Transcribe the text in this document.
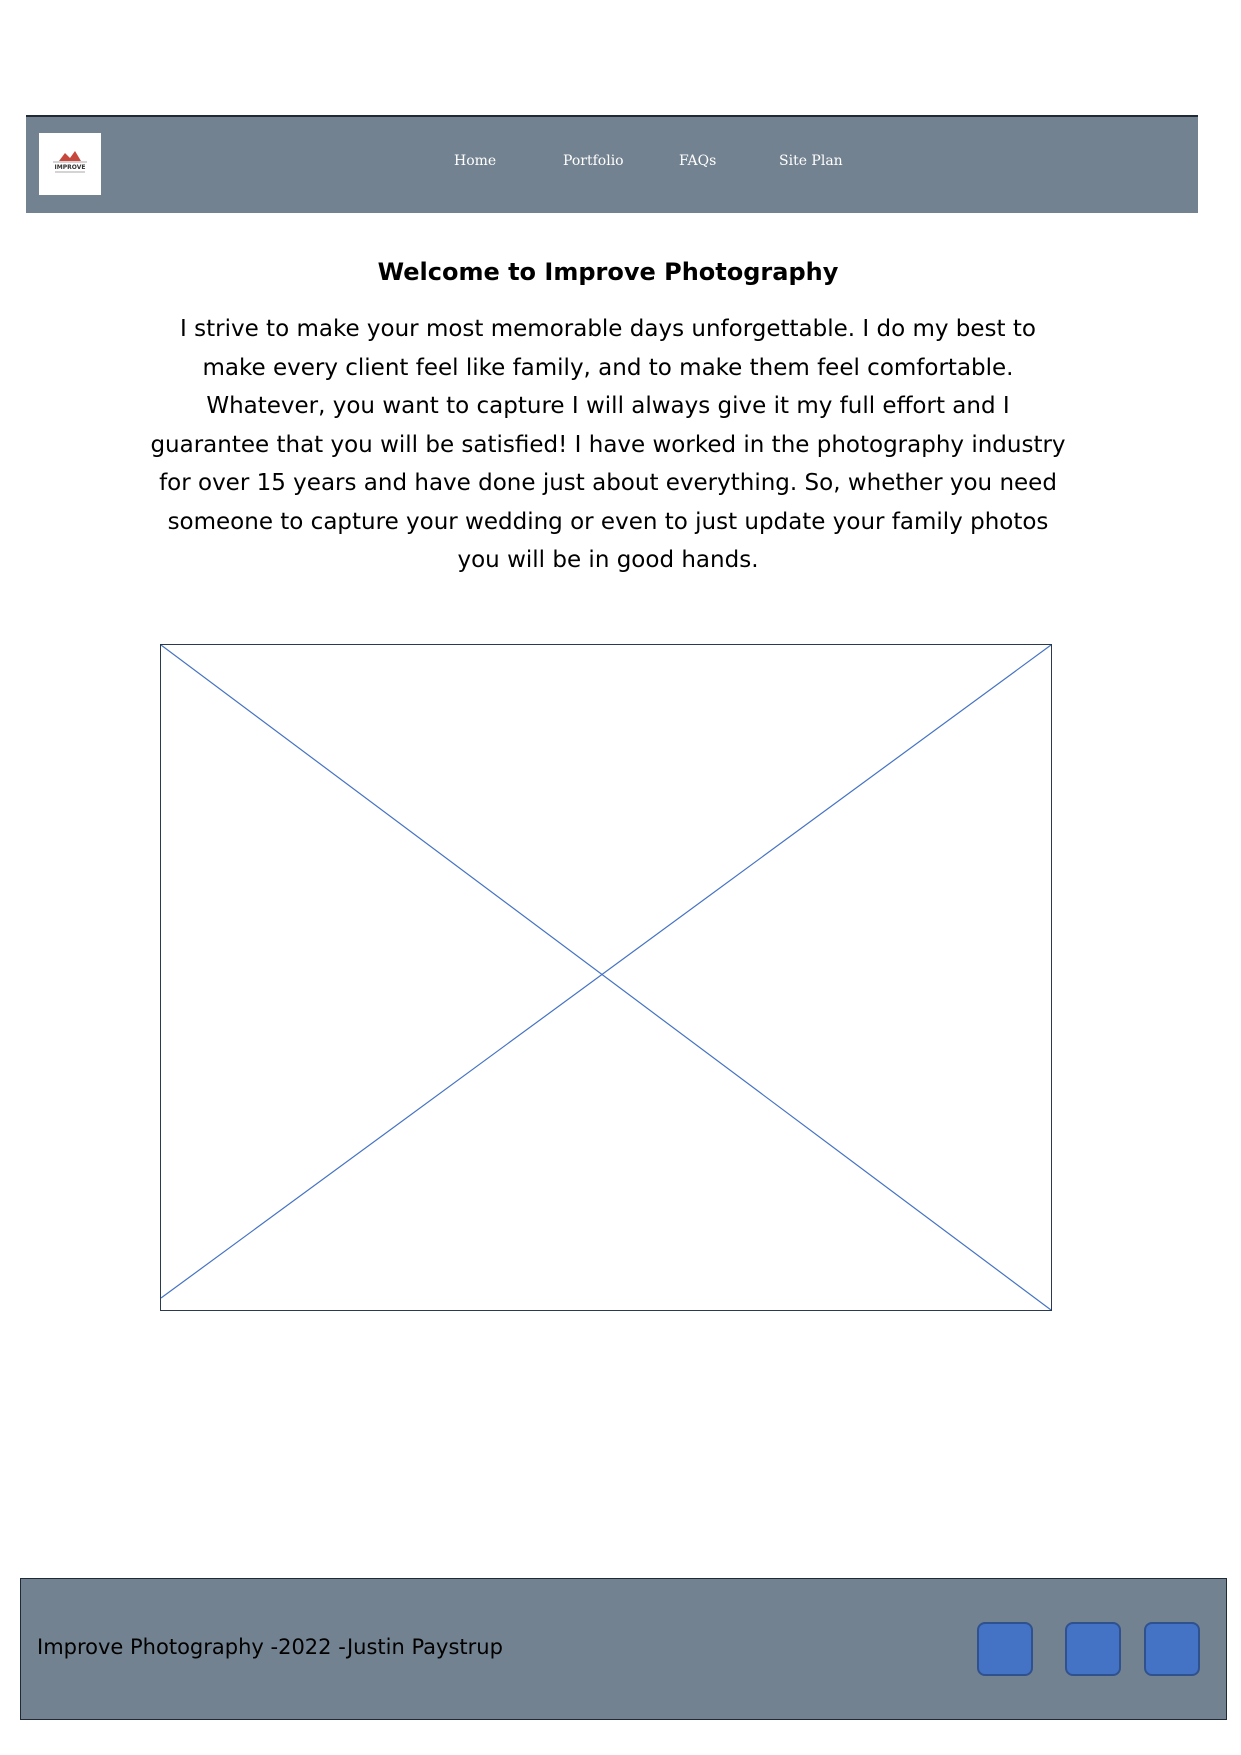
IMPROVE	Home	Portfolio	FAQs	Site Plan
Welcome to Improve Photography

I strive to make your most memorable days unforgettable. I do my best to make every client feel like family, and to make them feel comfortable. Whatever, you want to capture I will always give it my full effort and I guarantee that you will be satisfied! I have worked in the photography industry for over 15 years and have done just about everything. So, whether you need someone to capture your wedding or even to just update your family photos you will be in good hands.

Improve Photography -2022 -Justin Paystrup
